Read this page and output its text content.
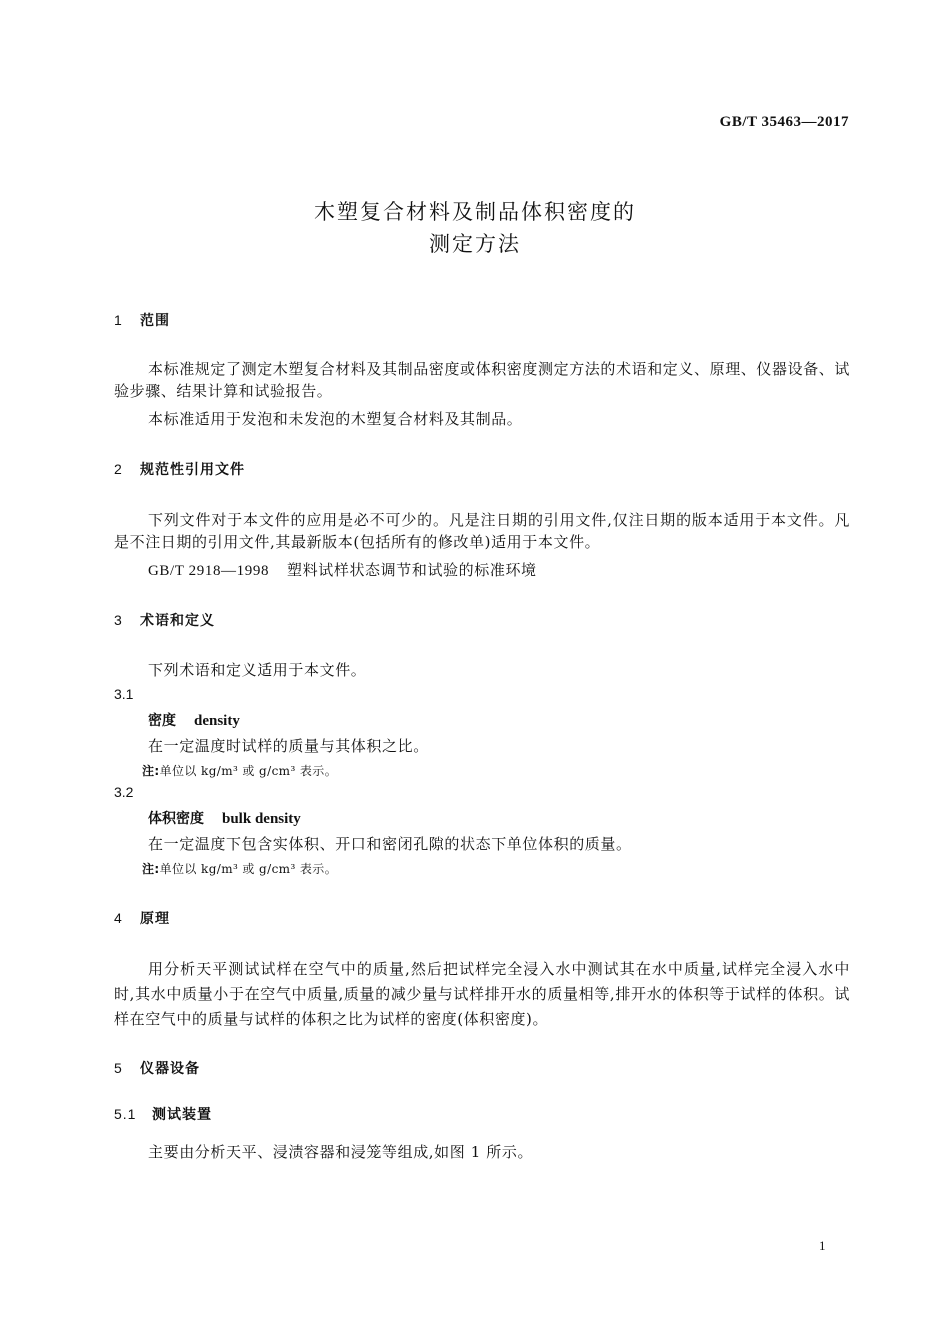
GB/T 35463—2017
木塑复合材料及制品体积密度的
测定方法
1 范围
本标准规定了测定木塑复合材料及其制品密度或体积密度测定方法的术语和定义、原理、仪器设备、试验步骤、结果计算和试验报告。
本标准适用于发泡和未发泡的木塑复合材料及其制品。
2 规范性引用文件
下列文件对于本文件的应用是必不可少的。凡是注日期的引用文件,仅注日期的版本适用于本文件。凡是不注日期的引用文件,其最新版本(包括所有的修改单)适用于本文件。
GB/T 2918—1998 塑料试样状态调节和试验的标准环境
3 术语和定义
下列术语和定义适用于本文件。
3.1
密度 density
在一定温度时试样的质量与其体积之比。
注:单位以 kg/m³ 或 g/cm³ 表示。
3.2
体积密度 bulk density
在一定温度下包含实体积、开口和密闭孔隙的状态下单位体积的质量。
注:单位以 kg/m³ 或 g/cm³ 表示。
4 原理
用分析天平测试试样在空气中的质量,然后把试样完全浸入水中测试其在水中质量,试样完全浸入水中时,其水中质量小于在空气中质量,质量的减少量与试样排开水的质量相等,排开水的体积等于试样的体积。试样在空气中的质量与试样的体积之比为试样的密度(体积密度)。
5 仪器设备
5.1 测试装置
主要由分析天平、浸渍容器和浸笼等组成,如图 1 所示。
1
